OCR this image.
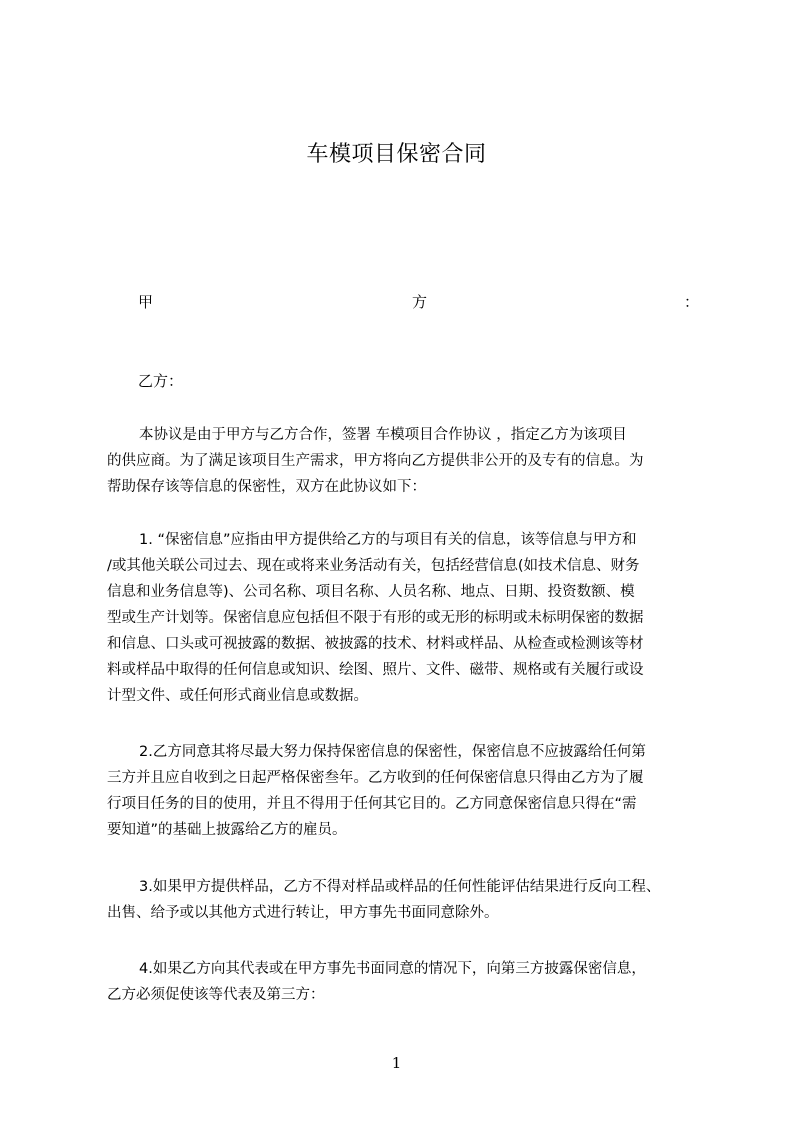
车模项目保密合同
甲	方	：
乙方：
本协议是由于甲方与乙方合作，签署 车模项目合作协议 ，指定乙方为该项目
的供应商。为了满足该项目生产需求，甲方将向乙方提供非公开的及专有的信息。为
帮助保存该等信息的保密性，双方在此协议如下：
1. “保密信息”应指由甲方提供给乙方的与项目有关的信息，该等信息与甲方和
/或其他关联公司过去、现在或将来业务活动有关，包括经营信息(如技术信息、财务
信息和业务信息等)、公司名称、项目名称、人员名称、地点、日期、投资数额、模
型或生产计划等。保密信息应包括但不限于有形的或无形的标明或未标明保密的数据
和信息、口头或可视披露的数据、被披露的技术、材料或样品、从检查或检测该等材
料或样品中取得的任何信息或知识、绘图、照片、文件、磁带、规格或有关履行或设
计型文件、或任何形式商业信息或数据。
2.乙方同意其将尽最大努力保持保密信息的保密性，保密信息不应披露给任何第
三方并且应自收到之日起严格保密叁年。乙方收到的任何保密信息只得由乙方为了履
行项目任务的目的使用，并且不得用于任何其它目的。乙方同意保密信息只得在“需
要知道”的基础上披露给乙方的雇员。
3.如果甲方提供样品，乙方不得对样品或样品的任何性能评估结果进行反向工程、
出售、给予或以其他方式进行转让，甲方事先书面同意除外。
4.如果乙方向其代表或在甲方事先书面同意的情况下，向第三方披露保密信息，
乙方必须促使该等代表及第三方：
1
